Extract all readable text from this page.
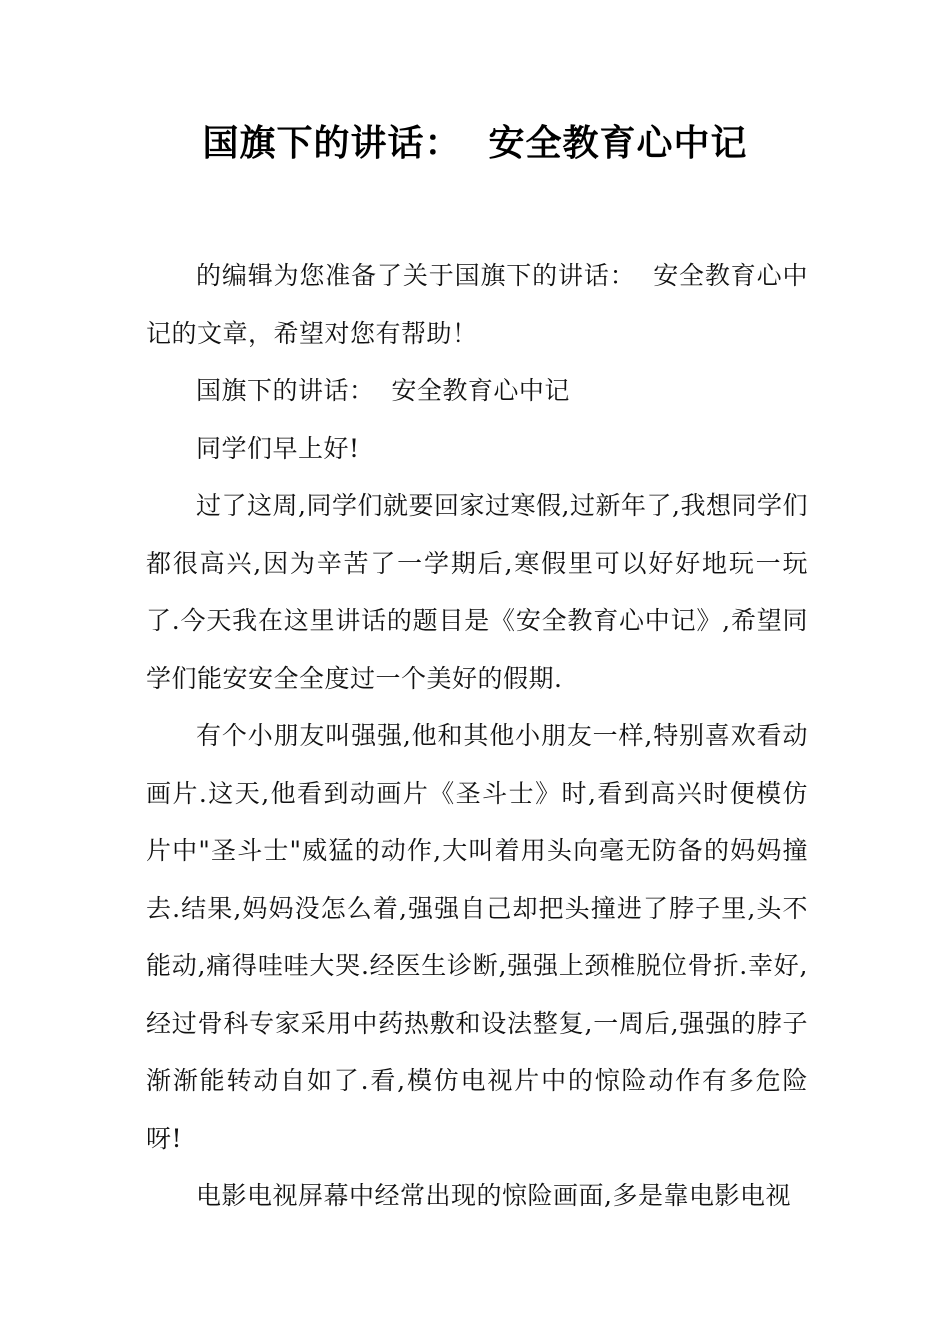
国旗下的讲话：  安全教育心中记

的编辑为您准备了关于国旗下的讲话：  安全教育心中记的文章，希望对您有帮助！

国旗下的讲话：  安全教育心中记

同学们早上好!

过了这周,同学们就要回家过寒假,过新年了,我想同学们都很高兴,因为辛苦了一学期后,寒假里可以好好地玩一玩了.今天我在这里讲话的题目是《安全教育心中记》,希望同学们能安安全全度过一个美好的假期.

有个小朋友叫强强,他和其他小朋友一样,特别喜欢看动画片.这天,他看到动画片《圣斗士》时,看到高兴时便模仿片中"圣斗士"威猛的动作,大叫着用头向毫无防备的妈妈撞去.结果,妈妈没怎么着,强强自己却把头撞进了脖子里,头不能动,痛得哇哇大哭.经医生诊断,强强上颈椎脱位骨折.幸好,经过骨科专家采用中药热敷和设法整复,一周后,强强的脖子渐渐能转动自如了.看,模仿电视片中的惊险动作有多危险呀!

电影电视屏幕中经常出现的惊险画面,多是靠电影电视
